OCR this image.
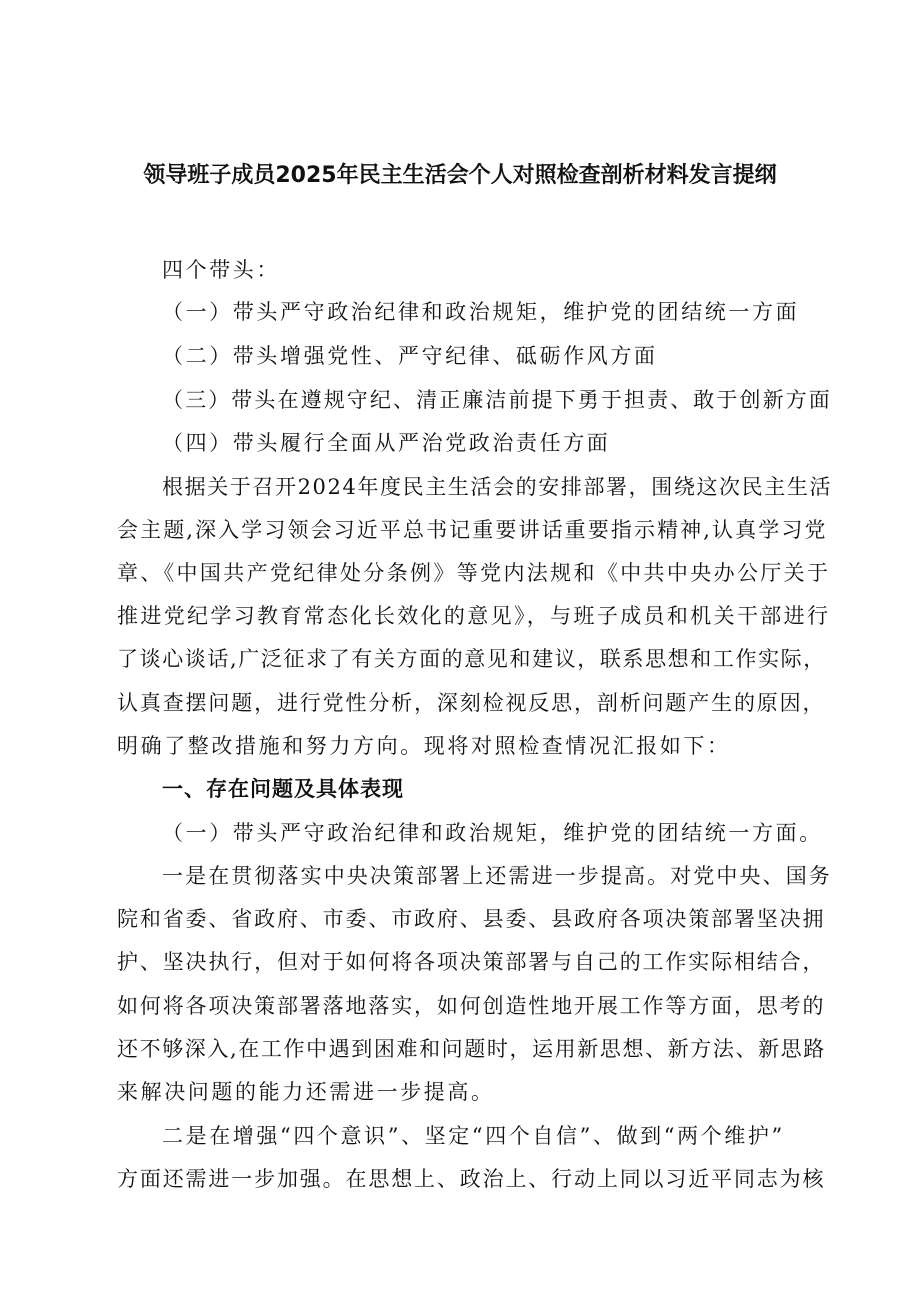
领导班子成员2025年民主生活会个人对照检查剖析材料发言提纲
四个带头：
（一）带头严守政治纪律和政治规矩，维护党的团结统一方面
（二）带头增强党性、严守纪律、砥砺作风方面
（三）带头在遵规守纪、清正廉洁前提下勇于担责、敢于创新方面
（四）带头履行全面从严治党政治责任方面
根据关于召开2024年度民主生活会的安排部署，围绕这次民主生活
会主题,深入学习领会习近平总书记重要讲话重要指示精神,认真学习党
章、《中国共产党纪律处分条例》等党内法规和《中共中央办公厅关于
推进党纪学习教育常态化长效化的意见》，与班子成员和机关干部进行
了谈心谈话,广泛征求了有关方面的意见和建议，联系思想和工作实际，
认真查摆问题，进行党性分析，深刻检视反思，剖析问题产生的原因，
明确了整改措施和努力方向。现将对照检查情况汇报如下：
一、存在问题及具体表现
（一）带头严守政治纪律和政治规矩，维护党的团结统一方面。
一是在贯彻落实中央决策部署上还需进一步提高。对党中央、国务
院和省委、省政府、市委、市政府、县委、县政府各项决策部署坚决拥
护、坚决执行，但对于如何将各项决策部署与自己的工作实际相结合，
如何将各项决策部署落地落实，如何创造性地开展工作等方面，思考的
还不够深入,在工作中遇到困难和问题时，运用新思想、新方法、新思路
来解决问题的能力还需进一步提高。
二是在增强“四个意识”、坚定“四个自信”、做到“两个维护”
方面还需进一步加强。在思想上、政治上、行动上同以习近平同志为核
